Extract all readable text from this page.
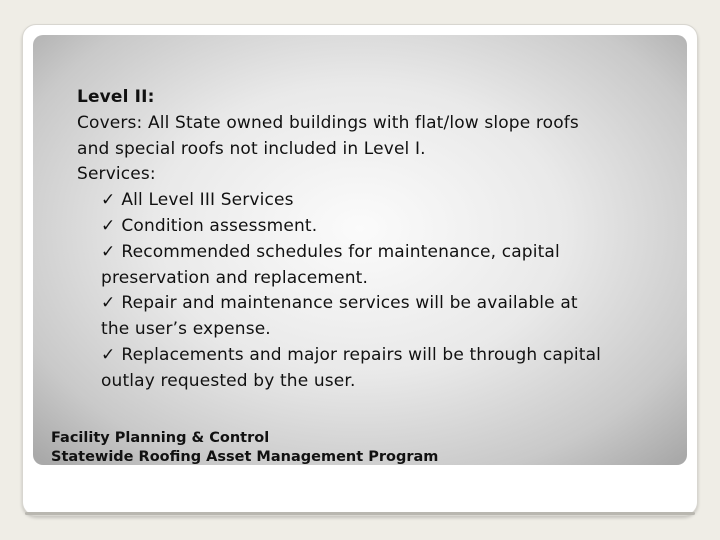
Level II:
Covers: All State owned buildings with flat/low slope roofs
and special roofs not included in Level I.
Services:
✓ All Level III Services
✓ Condition assessment.
✓ Recommended schedules for maintenance, capital
preservation and replacement.
✓ Repair and maintenance services will be available at
the user’s expense.
✓ Replacements and major repairs will be through capital
outlay requested by the user.
Facility Planning & Control
Statewide Roofing Asset Management Program
